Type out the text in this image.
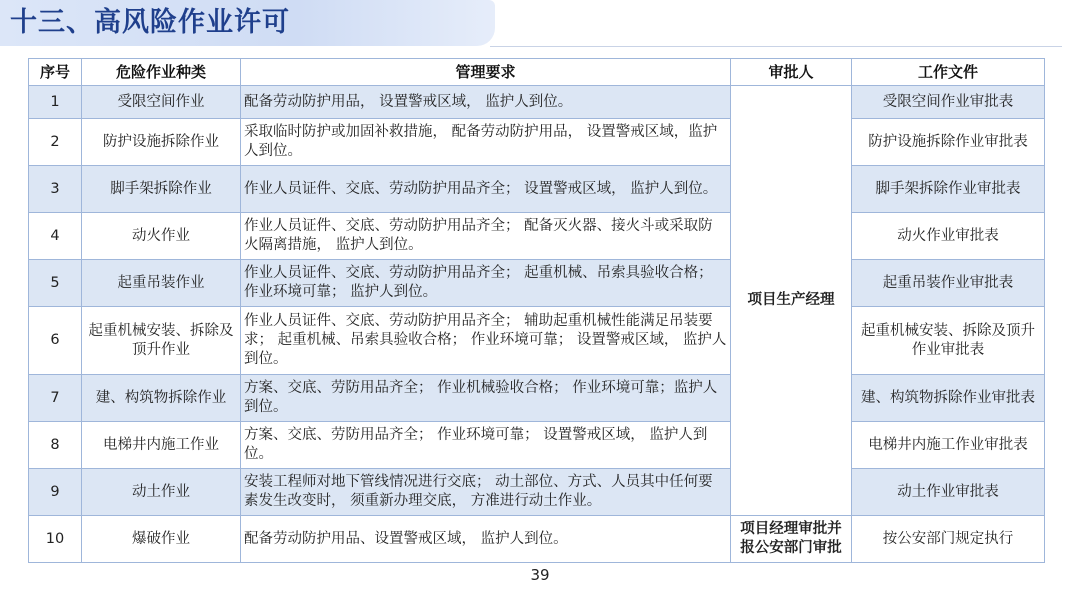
十三、高风险作业许可
序号	危险作业种类	管理要求	审批人	工作文件
1	受限空间作业	配备劳动防护用品， 设置警戒区域， 监护人到位。	项目生产经理	受限空间作业审批表
2	防护设施拆除作业	采取临时防护或加固补救措施， 配备劳动防护用品， 设置警戒区域，监护人到位。		防护设施拆除作业审批表
3	脚手架拆除作业	作业人员证件、交底、劳动防护用品齐全； 设置警戒区域， 监护人到位。		脚手架拆除作业审批表
4	动火作业	作业人员证件、交底、劳动防护用品齐全； 配备灭火器、接火斗或采取防火隔离措施， 监护人到位。		动火作业审批表
5	起重吊装作业	作业人员证件、交底、劳动防护用品齐全； 起重机械、吊索具验收合格； 作业环境可靠； 监护人到位。		起重吊装作业审批表
6	起重机械安装、拆除及顶升作业	作业人员证件、交底、劳动防护用品齐全； 辅助起重机械性能满足吊装要求； 起重机械、吊索具验收合格； 作业环境可靠； 设置警戒区域， 监护人到位。		起重机械安装、拆除及顶升作业审批表
7	建、构筑物拆除作业	方案、交底、劳防用品齐全； 作业机械验收合格； 作业环境可靠；监护人到位。		建、构筑物拆除作业审批表
8	电梯井内施工作业	方案、交底、劳防用品齐全； 作业环境可靠； 设置警戒区域， 监护人到位。		电梯井内施工作业审批表
9	动土作业	安装工程师对地下管线情况进行交底； 动土部位、方式、人员其中任何要素发生改变时， 须重新办理交底， 方准进行动土作业。		动土作业审批表
10	爆破作业	配备劳动防护用品、设置警戒区域， 监护人到位。	项目经理审批并报公安部门审批	按公安部门规定执行
39
